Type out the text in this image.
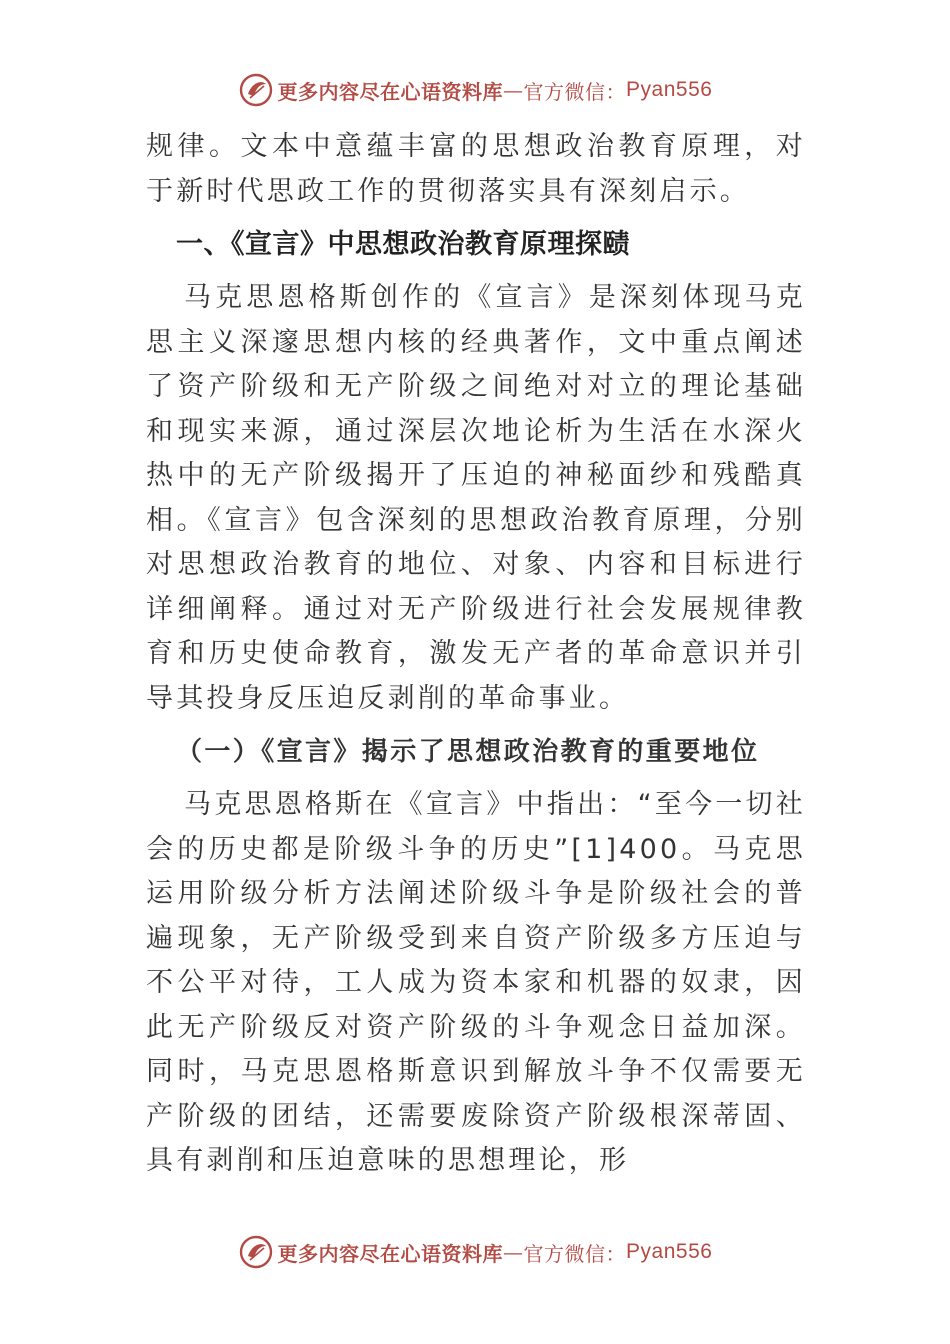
更多内容尽在心语资料库 — 官方微信： Pyan556

规律。文本中意蕴丰富的思想政治教育原理，对于新时代思政工作的贯彻落实具有深刻启示。

一、《宣言》中思想政治教育原理探赜

马克思恩格斯创作的《宣言》是深刻体现马克思主义深邃思想内核的经典著作，文中重点阐述了资产阶级和无产阶级之间绝对对立的理论基础和现实来源，通过深层次地论析为生活在水深火热中的无产阶级揭开了压迫的神秘面纱和残酷真相。《宣言》包含深刻的思想政治教育原理，分别对思想政治教育的地位、对象、内容和目标进行详细阐释。通过对无产阶级进行社会发展规律教育和历史使命教育，激发无产者的革命意识并引导其投身反压迫反剥削的革命事业。

（一）《宣言》揭示了思想政治教育的重要地位

马克思恩格斯在《宣言》中指出：“至今一切社会的历史都是阶级斗争的历史”[1]400。马克思运用阶级分析方法阐述阶级斗争是阶级社会的普遍现象，无产阶级受到来自资产阶级多方压迫与不公平对待，工人成为资本家和机器的奴隶，因此无产阶级反对资产阶级的斗争观念日益加深。同时，马克思恩格斯意识到解放斗争不仅需要无产阶级的团结，还需要废除资产阶级根深蒂固、具有剥削和压迫意味的思想理论，形

更多内容尽在心语资料库 — 官方微信： Pyan556
